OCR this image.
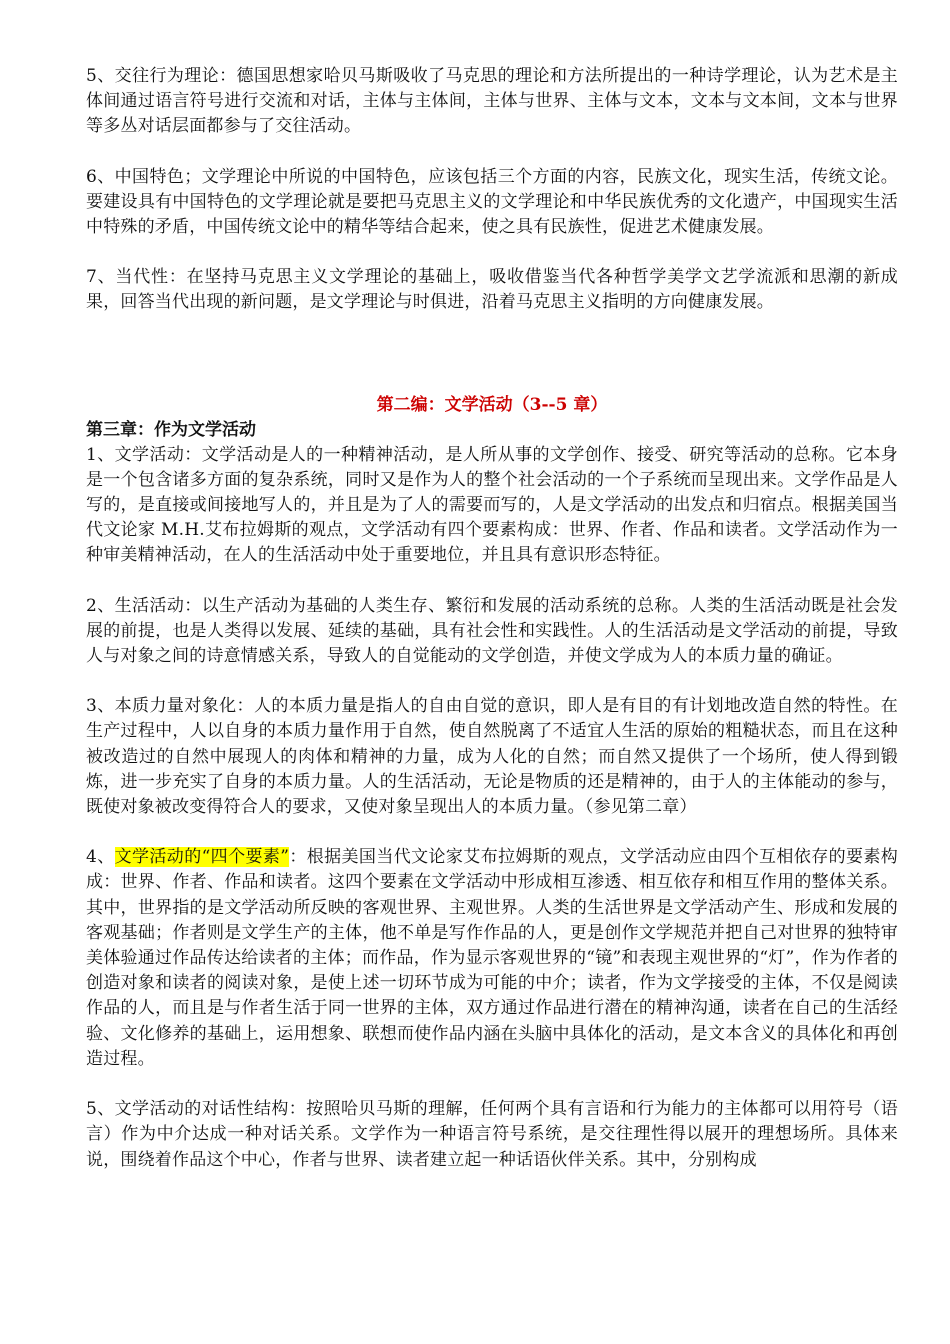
5、交往行为理论：德国思想家哈贝马斯吸收了马克思的理论和方法所提出的一种诗学理论，认为艺术是主体间通过语言符号进行交流和对话，主体与主体间，主体与世界、主体与文本，文本与文本间，文本与世界等多丛对话层面都参与了交往活动。

6、中国特色；文学理论中所说的中国特色，应该包括三个方面的内容，民族文化，现实生活，传统文论。要建设具有中国特色的文学理论就是要把马克思主义的文学理论和中华民族优秀的文化遗产，中国现实生活中特殊的矛盾，中国传统文论中的精华等结合起来，使之具有民族性，促进艺术健康发展。

7、当代性：在坚持马克思主义文学理论的基础上，吸收借鉴当代各种哲学美学文艺学流派和思潮的新成果，回答当代出现的新问题，是文学理论与时俱进，沿着马克思主义指明的方向健康发展。

第二编：文学活动（3--5 章）
第三章：作为文学活动

1、文学活动：文学活动是人的一种精神活动，是人所从事的文学创作、接受、研究等活动的总称。它本身是一个包含诸多方面的复杂系统，同时又是作为人的整个社会活动的一个子系统而呈现出来。文学作品是人写的，是直接或间接地写人的，并且是为了人的需要而写的，人是文学活动的出发点和归宿点。根据美国当代文论家 M.H.艾布拉姆斯的观点，文学活动有四个要素构成：世界、作者、作品和读者。文学活动作为一种审美精神活动，在人的生活活动中处于重要地位，并且具有意识形态特征。

2、生活活动：以生产活动为基础的人类生存、繁衍和发展的活动系统的总称。人类的生活活动既是社会发展的前提，也是人类得以发展、延续的基础，具有社会性和实践性。人的生活活动是文学活动的前提，导致人与对象之间的诗意情感关系，导致人的自觉能动的文学创造，并使文学成为人的本质力量的确证。

3、本质力量对象化：人的本质力量是指人的自由自觉的意识，即人是有目的有计划地改造自然的特性。在生产过程中，人以自身的本质力量作用于自然，使自然脱离了不适宜人生活的原始的粗糙状态，而且在这种被改造过的自然中展现人的肉体和精神的力量，成为人化的自然；而自然又提供了一个场所，使人得到锻炼，进一步充实了自身的本质力量。人的生活活动，无论是物质的还是精神的，由于人的主体能动的参与，既使对象被改变得符合人的要求，又使对象呈现出人的本质力量。（参见第二章）

4、文学活动的“四个要素”：根据美国当代文论家艾布拉姆斯的观点，文学活动应由四个互相依存的要素构成：世界、作者、作品和读者。这四个要素在文学活动中形成相互渗透、相互依存和相互作用的整体关系。其中，世界指的是文学活动所反映的客观世界、主观世界。人类的生活世界是文学活动产生、形成和发展的客观基础；作者则是文学生产的主体，他不单是写作作品的人，更是创作文学规范并把自己对世界的独特审美体验通过作品传达给读者的主体；而作品，作为显示客观世界的“镜”和表现主观世界的“灯”，作为作者的创造对象和读者的阅读对象，是使上述一切环节成为可能的中介；读者，作为文学接受的主体，不仅是阅读作品的人，而且是与作者生活于同一世界的主体，双方通过作品进行潜在的精神沟通，读者在自己的生活经验、文化修养的基础上，运用想象、联想而使作品内涵在头脑中具体化的活动，是文本含义的具体化和再创造过程。

5、文学活动的对话性结构：按照哈贝马斯的理解，任何两个具有言语和行为能力的主体都可以用符号（语言）作为中介达成一种对话关系。文学作为一种语言符号系统，是交往理性得以展开的理想场所。具体来说，围绕着作品这个中心，作者与世界、读者建立起一种话语伙伴关系。其中，分别构成
